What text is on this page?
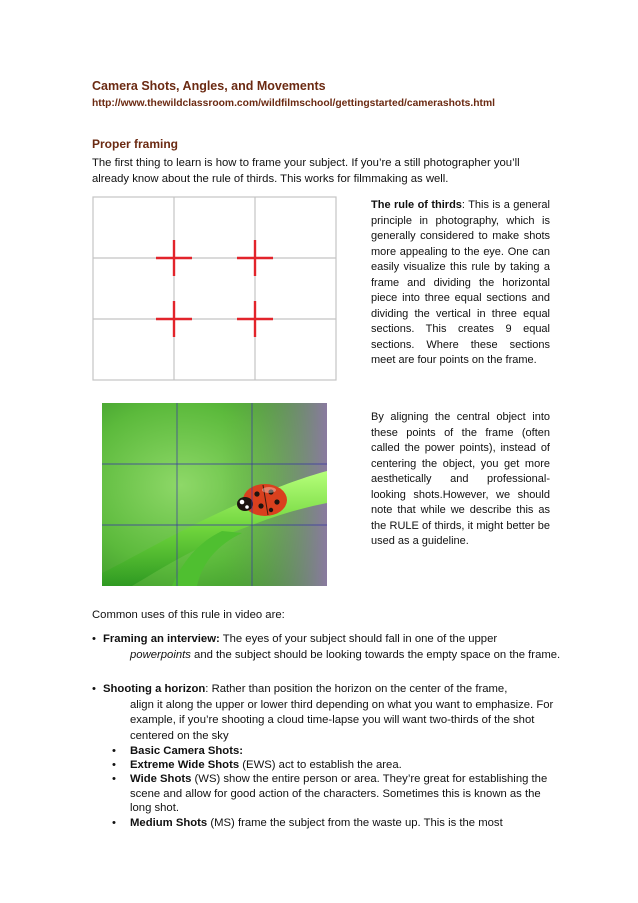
Camera Shots, Angles, and Movements
http://www.thewildclassroom.com/wildfilmschool/gettingstarted/camerashots.html
Proper framing
The first thing to learn is how to frame your subject. If you’re a still photographer you’ll already know about the rule of thirds. This works for filmmaking as well.
The rule of thirds: This is a general principle in photography, which is generally considered to make shots more appealing to the eye. One can easily visualize this rule by taking a frame and dividing the horizontal piece into three equal sections and dividing the vertical in three equal sections. This creates 9 equal sections. Where these sections meet are four points on the frame.
By aligning the central object into these points of the frame (often called the power points), instead of centering the object, you get more aesthetically and professional-looking shots.However, we should note that while we describe this as the RULE of thirds, it might better be used as a guideline.
Common uses of this rule in video are:
• Framing an interview: The eyes of your subject should fall in one of the upper
powerpoints and the subject should be looking towards the empty space on the frame.
• Shooting a horizon: Rather than position the horizon on the center of the frame,
align it along the upper or lower third depending on what you want to emphasize. For example, if you’re shooting a cloud time-lapse you will want two-thirds of the shot centered on the sky
•	Basic Camera Shots:
•	Extreme Wide Shots (EWS) act to establish the area.
•	Wide Shots (WS) show the entire person or area. They’re great for establishing the scene and allow for good action of the characters. Sometimes this is known as the long shot.
•	Medium Shots (MS) frame the subject from the waste up. This is the most
